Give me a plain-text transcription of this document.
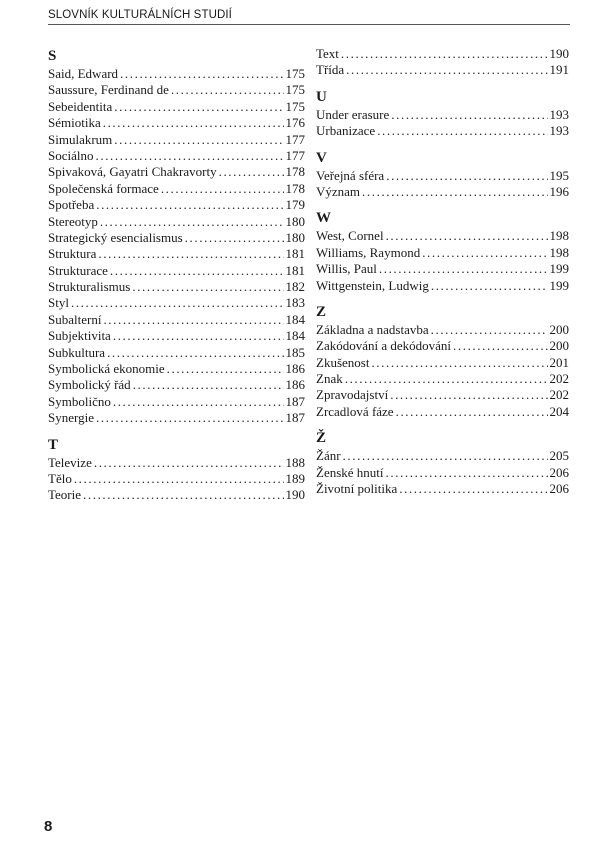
SLOVNÍK KULTURÁLNÍCH STUDIÍ
S
Said, Edward .....	175
Saussure, Ferdinand de .....	175
Sebeidentita .....	175
Sémiotika .....	176
Simulakrum .....	177
Sociálno .....	177
Spivaková, Gayatri Chakravorty .....	178
Společenská formace .....	178
Spotřeba .....	179
Stereotyp .....	180
Strategický esencialismus .....	180
Struktura .....	181
Strukturace .....	181
Strukturalismus .....	182
Styl .....	183
Subalterní .....	184
Subjektivita .....	184
Subkultura .....	185
Symbolická ekonomie .....	186
Symbolický řád .....	186
Symboličnо .....	187
Synergie .....	187
T
Televize .....	188
Tělo .....	189
Teorie .....	190
Text .....	190
Třída .....	191
U
Under erasure .....	193
Urbanizace .....	193
V
Veřejná sféra .....	195
Význam .....	196
W
West, Cornel .....	198
Williams, Raymond .....	198
Willis, Paul .....	199
Wittgenstein, Ludwig .....	199
Z
Základna a nadstavba .....	200
Zakódování a dekódování .....	200
Zkušenost .....	201
Znak .....	202
Zpravodajství .....	202
Zrcadlová fáze .....	204
Ž
Žánr .....	205
Ženské hnutí .....	206
Životní politika .....	206
8
